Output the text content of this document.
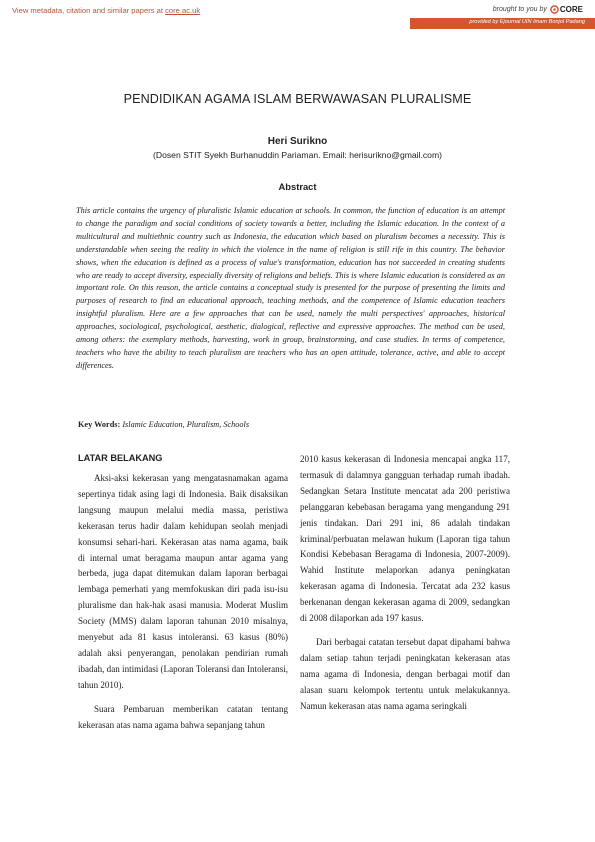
View metadata, citation and similar papers at core.ac.uk	brought to you by CORE
provided by Ejournal UIN Imam Bonjol Padang
PENDIDIKAN AGAMA ISLAM BERWAWASAN PLURALISME
Heri Surikno
(Dosen STIT Syekh Burhanuddin Pariaman. Email: herisurikno@gmail.com)
Abstract

This article contains the urgency of pluralistic Islamic education at schools. In common, the function of education is an attempt to change the paradigm and social conditions of society towards a better, including the Islamic education. In the context of a multicultural and multiethnic country such as Indonesia, the education which based on pluralism becomes a necessity. This is understandable when seeing the reality in which the violence in the name of religion is still rife in this country. The behavior shows, when the education is defined as a process of value's transformation, education has not succeeded in creating students who are ready to accept diversity, especially diversity of religions and beliefs. This is where Islamic education is considered as an important role. On this reason, the article contains a conceptual study is presented for the purpose of presenting the limits and purposes of research to find an educational approach, teaching methods, and the competence of Islamic education teachers insightful pluralism. Here are a few approaches that can be used, namely the multi perspectives' approaches, historical approaches, sociological, psychological, aesthetic, dialogical, reflective and expressive approaches. The method can be used, among others: the exemplary methods, harvesting, work in group, brainstorming, and case studies. In terms of competence, teachers who have the ability to teach pluralism are teachers who has an open attitude, tolerance, active, and able to accept differences.

Key Words: Islamic Education, Pluralism, Schools
LATAR BELAKANG

Aksi-aksi kekerasan yang mengatasnamakan agama sepertinya tidak asing lagi di Indonesia. Baik disaksikan langsung maupun melalui media massa, peristiwa kekerasan terus hadir dalam kehidupan seolah menjadi konsumsi sehari-hari. Kekerasan atas nama agama, baik di internal umat beragama maupun antar agama yang berbeda, juga dapat ditemukan dalam laporan berbagai lembaga pemerhati yang memfokuskan diri pada isu-isu pluralisme dan hak-hak asasi manusia. Moderat Muslim Society (MMS) dalam laporan tahunan 2010 misalnya, menyebut ada 81 kasus intoleransi. 63 kasus (80%) adalah aksi penyerangan, penolakan pendirian rumah ibadah, dan intimidasi (Laporan Toleransi dan Intoleransi, tahun 2010).

Suara Pembaruan memberikan catatan tentang kekerasan atas nama agama bahwa sepanjang tahun

2010 kasus kekerasan di Indonesia mencapai angka 117, termasuk di dalamnya gangguan terhadap rumah ibadah. Sedangkan Setara Institute mencatat ada 200 peristiwa pelanggaran kebebasan beragama yang mengandung 291 jenis tindakan. Dari 291 ini, 86 adalah tindakan kriminal/perbuatan melawan hukum (Laporan tiga tahun Kondisi Kebebasan Beragama di Indonesia, 2007-2009). Wahid Institute melaporkan adanya peningkatan kekerasan agama di Indonesia. Tercatat ada 232 kasus berkenanan dengan kekerasan agama di 2009, sedangkan di 2008 dilaporkan ada 197 kasus.

Dari berbagai catatan tersebut dapat dipahami bahwa dalam setiap tahun terjadi peningkatan kekerasan atas nama agama di Indonesia, dengan berbagai motif dan alasan suaru kelompok tertentu untuk melakukannya. Namun kekerasan atas nama agama seringkali
